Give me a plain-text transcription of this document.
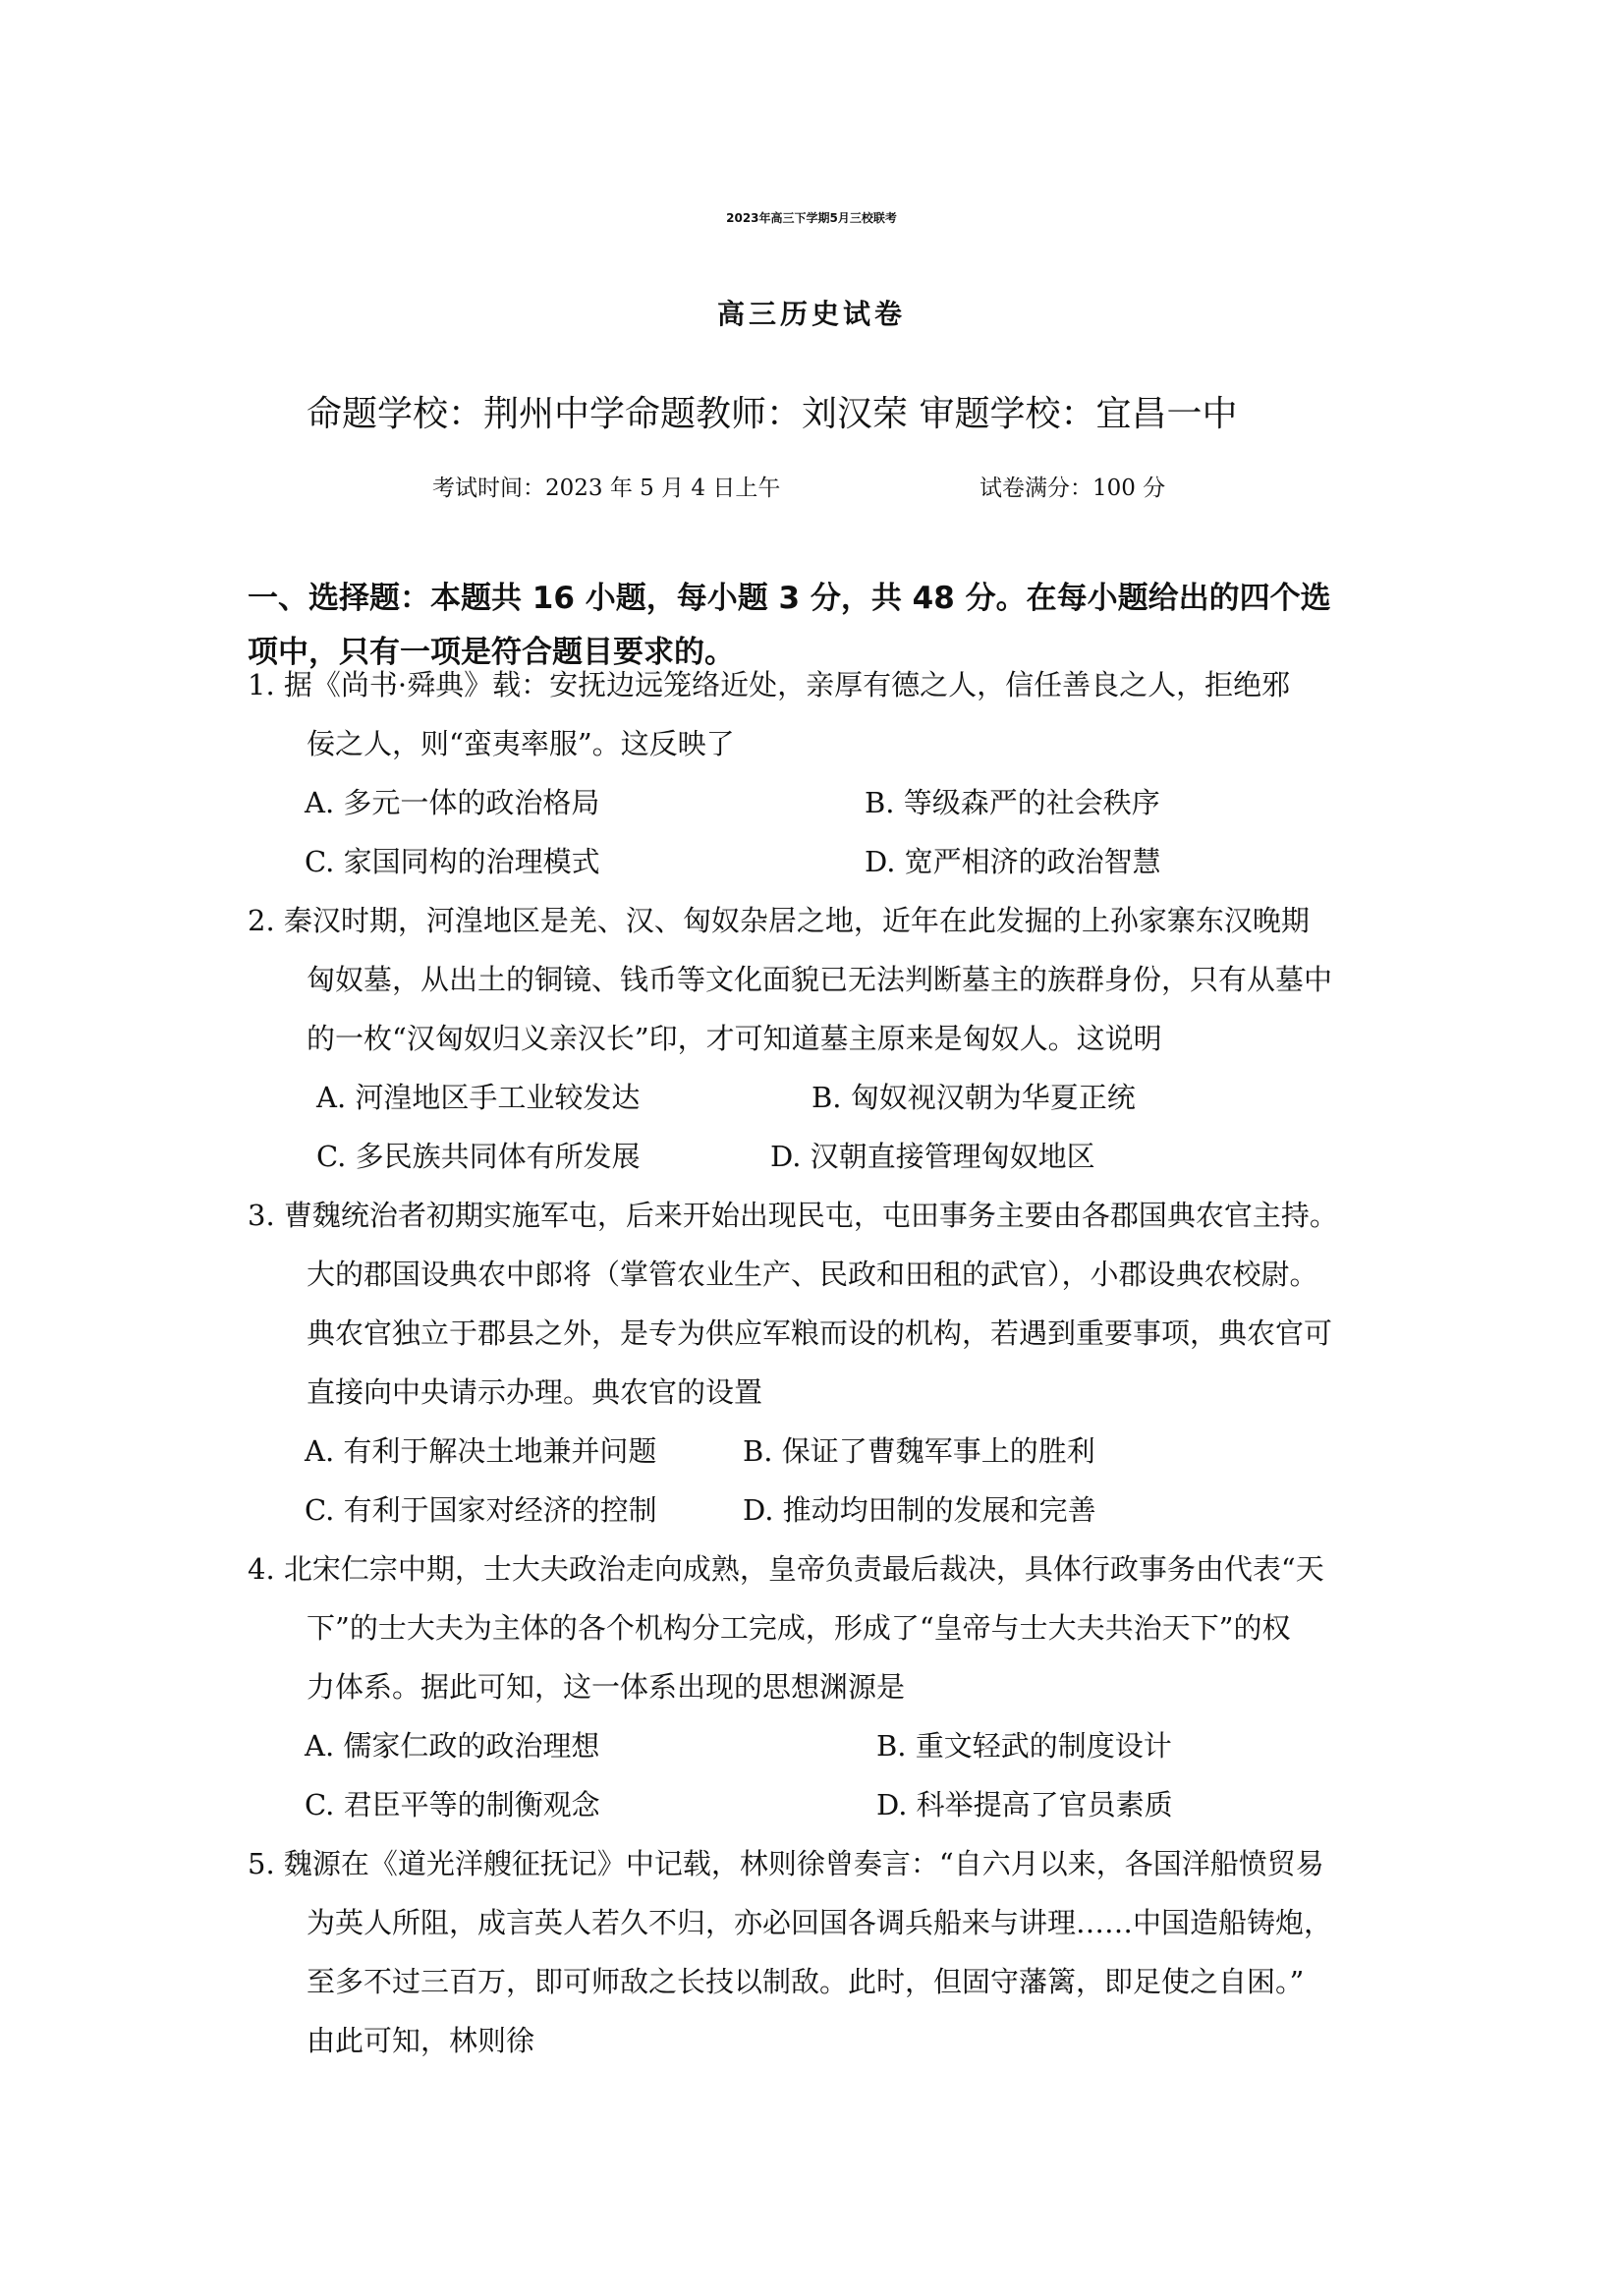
2023年高三下学期5月三校联考
高三历史试卷
命题学校：荆州中学命题教师：刘汉荣 审题学校：宜昌一中
考试时间：2023 年 5 月 4 日上午	试卷满分：100 分
一、选择题：本题共 16 小题，每小题 3 分，共 48 分。在每小题给出的四个选
项中，只有一项是符合题目要求的。
1. 据《尚书·舜典》载：安抚边远笼络近处，亲厚有德之人，信任善良之人，拒绝邪
佞之人，则“蛮夷率服”。这反映了
A. 多元一体的政治格局	B. 等级森严的社会秩序
C. 家国同构的治理模式	D. 宽严相济的政治智慧
2. 秦汉时期，河湟地区是羌、汉、匈奴杂居之地，近年在此发掘的上孙家寨东汉晚期
匈奴墓，从出土的铜镜、钱币等文化面貌已无法判断墓主的族群身份，只有从墓中
的一枚“汉匈奴归义亲汉长”印，才可知道墓主原来是匈奴人。这说明
A. 河湟地区手工业较发达	B. 匈奴视汉朝为华夏正统
C. 多民族共同体有所发展	D. 汉朝直接管理匈奴地区
3. 曹魏统治者初期实施军屯，后来开始出现民屯，屯田事务主要由各郡国典农官主持。
大的郡国设典农中郎将（掌管农业生产、民政和田租的武官），小郡设典农校尉。
典农官独立于郡县之外，是专为供应军粮而设的机构，若遇到重要事项，典农官可
直接向中央请示办理。典农官的设置
A. 有利于解决土地兼并问题	B. 保证了曹魏军事上的胜利
C. 有利于国家对经济的控制	D. 推动均田制的发展和完善
4. 北宋仁宗中期，士大夫政治走向成熟，皇帝负责最后裁决，具体行政事务由代表“天
下”的士大夫为主体的各个机构分工完成，形成了“皇帝与士大夫共治天下”的权
力体系。据此可知，这一体系出现的思想渊源是
A. 儒家仁政的政治理想	B. 重文轻武的制度设计
C. 君臣平等的制衡观念	D. 科举提高了官员素质
5. 魏源在《道光洋艘征抚记》中记载，林则徐曾奏言：“自六月以来，各国洋船愤贸易
为英人所阻，成言英人若久不归，亦必回国各调兵船来与讲理……中国造船铸炮，
至多不过三百万，即可师敌之长技以制敌。此时，但固守藩篱，即足使之自困。”
由此可知，林则徐
